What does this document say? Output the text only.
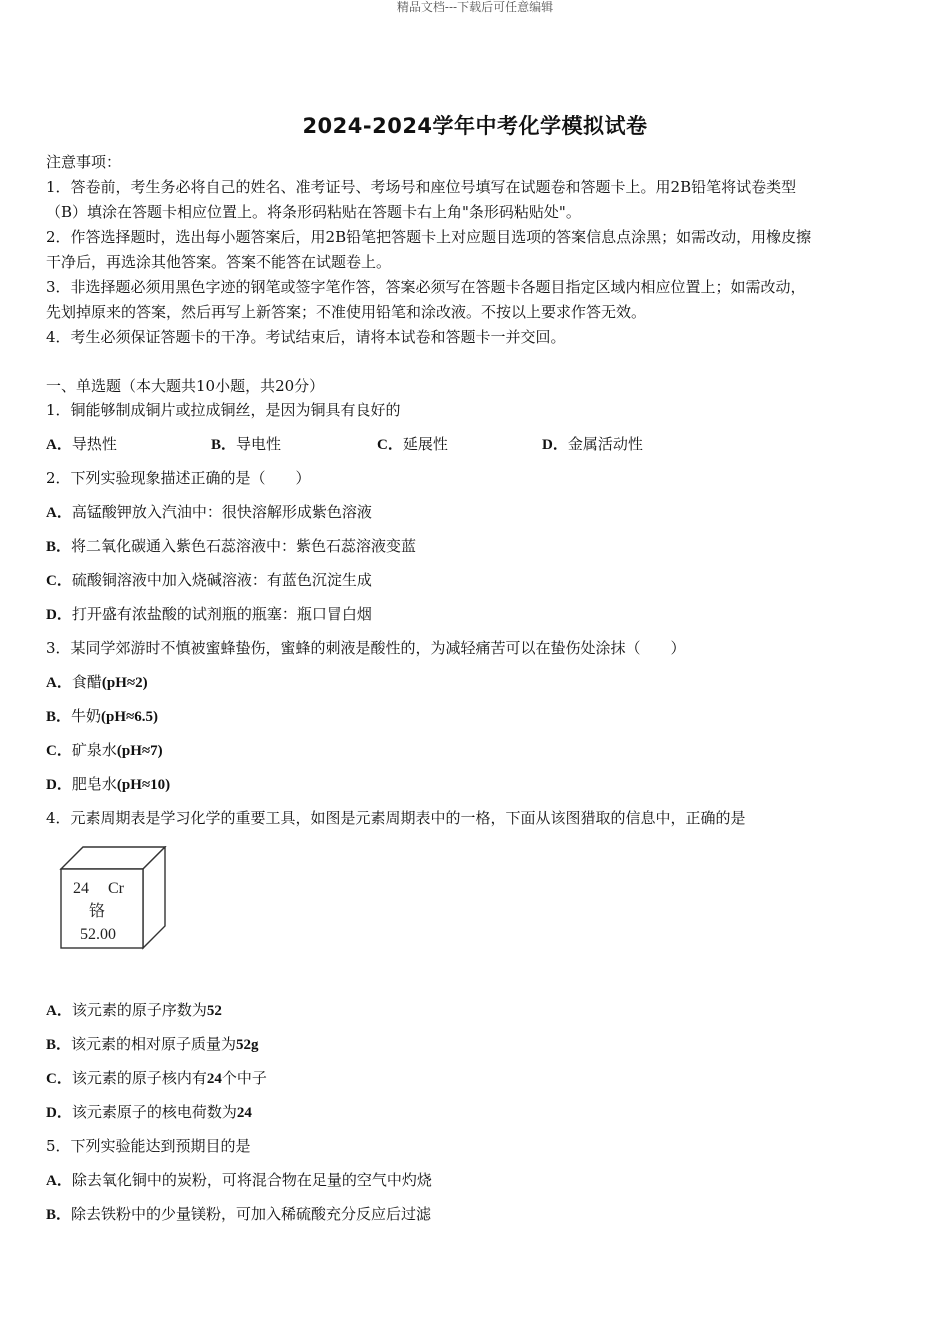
精品文档---下载后可任意编辑
2024-2024学年中考化学模拟试卷
注意事项：
1．答卷前，考生务必将自己的姓名、准考证号、考场号和座位号填写在试题卷和答题卡上。用2B铅笔将试卷类型
（B）填涂在答题卡相应位置上。将条形码粘贴在答题卡右上角"条形码粘贴处"。
2．作答选择题时，选出每小题答案后，用2B铅笔把答题卡上对应题目选项的答案信息点涂黑；如需改动，用橡皮擦
干净后，再选涂其他答案。答案不能答在试题卷上。
3．非选择题必须用黑色字迹的钢笔或签字笔作答，答案必须写在答题卡各题目指定区域内相应位置上；如需改动，
先划掉原来的答案，然后再写上新答案；不准使用铅笔和涂改液。不按以上要求作答无效。
4．考生必须保证答题卡的干净。考试结束后，请将本试卷和答题卡一并交回。
一、单选题（本大题共10小题，共20分）
1．铜能够制成铜片或拉成铜丝，是因为铜具有良好的
A．导热性	B．导电性	C．延展性	D．金属活动性
2．下列实验现象描述正确的是（　　）
A．高锰酸钾放入汽油中：很快溶解形成紫色溶液
B．将二氧化碳通入紫色石蕊溶液中：紫色石蕊溶液变蓝
C．硫酸铜溶液中加入烧碱溶液：有蓝色沉淀生成
D．打开盛有浓盐酸的试剂瓶的瓶塞：瓶口冒白烟
3．某同学郊游时不慎被蜜蜂蛰伤，蜜蜂的刺液是酸性的，为减轻痛苦可以在蛰伤处涂抹（　　）
A．食醋(pH≈2)
B．牛奶(pH≈6.5)
C．矿泉水(pH≈7)
D．肥皂水(pH≈10)
4．元素周期表是学习化学的重要工具，如图是元素周期表中的一格，下面从该图猎取的信息中，正确的是
24 Cr
铬
52.00
A．该元素的原子序数为52
B．该元素的相对原子质量为52g
C．该元素的原子核内有24个中子
D．该元素原子的核电荷数为24
5．下列实验能达到预期目的是
A．除去氧化铜中的炭粉，可将混合物在足量的空气中灼烧
B．除去铁粉中的少量镁粉，可加入稀硫酸充分反应后过滤
